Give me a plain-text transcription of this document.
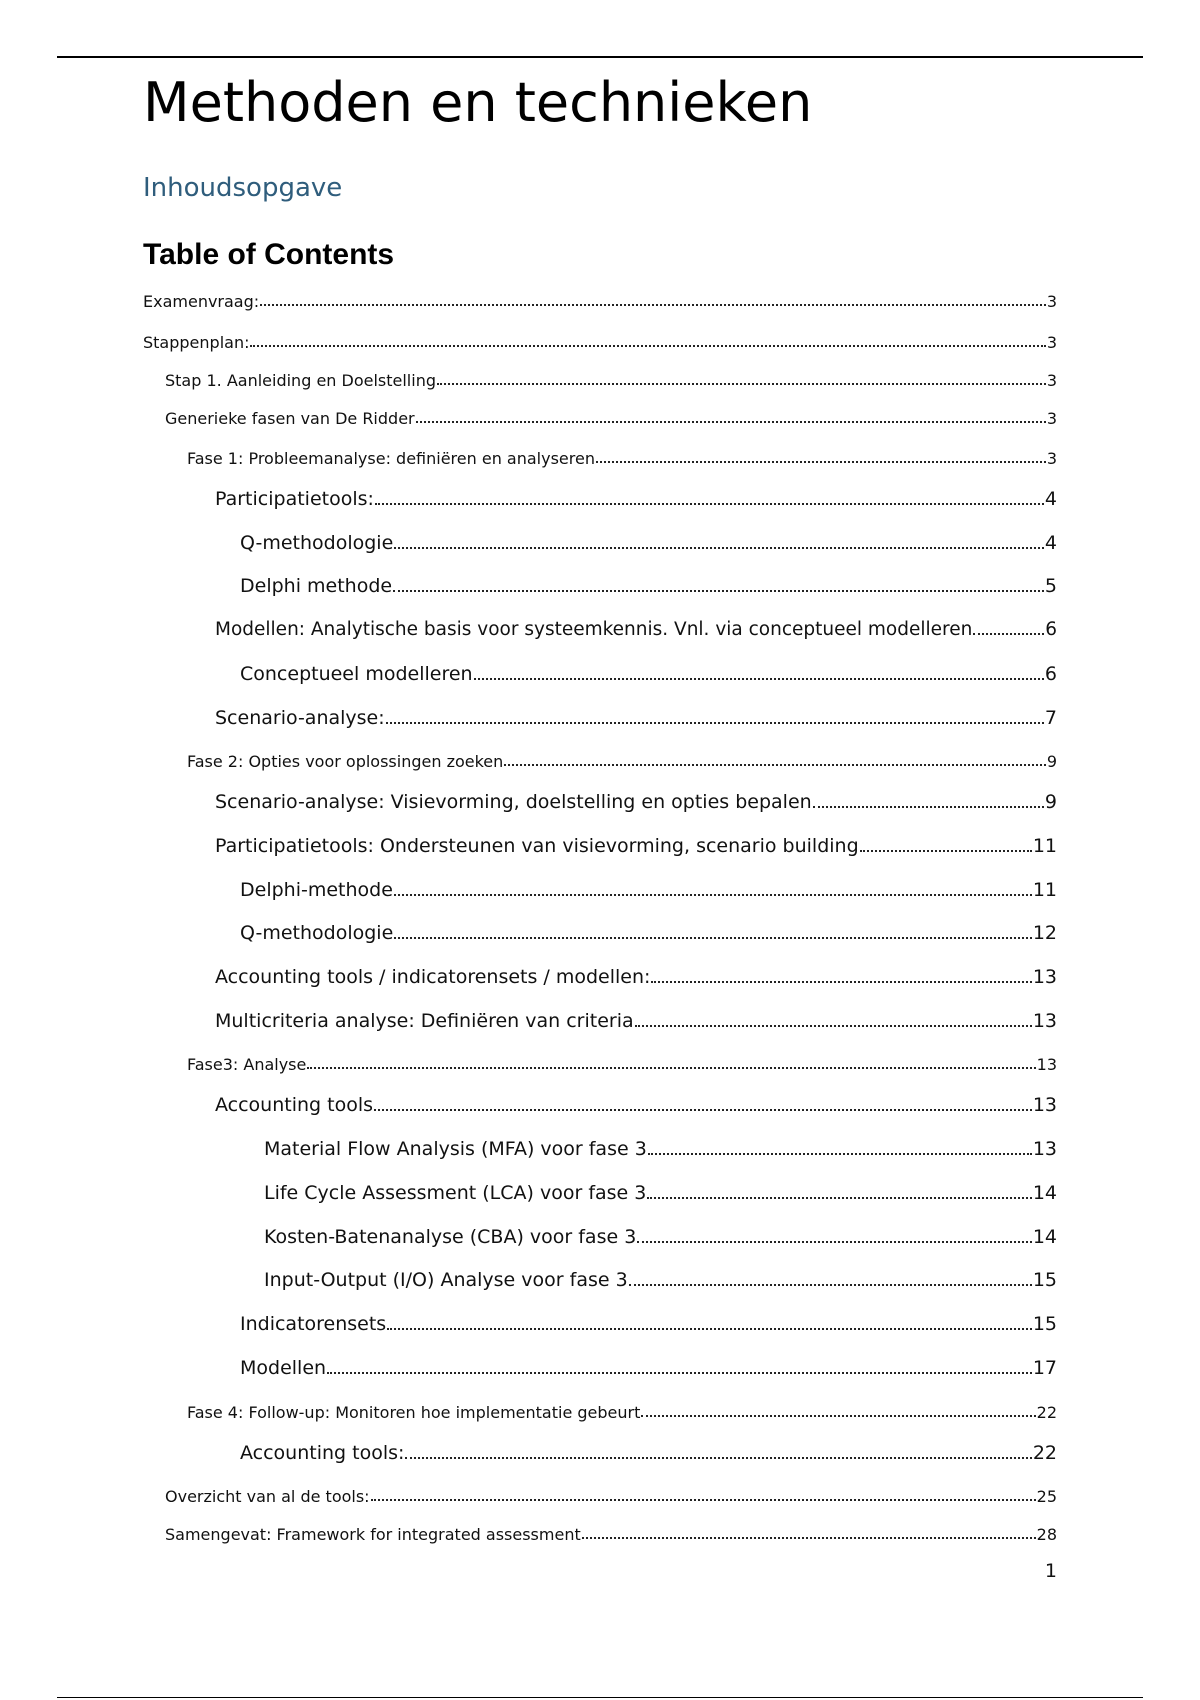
Methoden en technieken
Inhoudsopgave
Table of Contents
Examenvraag:	3
Stappenplan:	3
Stap 1. Aanleiding en Doelstelling	3
Generieke fasen van De Ridder	3
Fase 1: Probleemanalyse: definiëren en analyseren	3
Participatietools:	4
Q-methodologie	4
Delphi methode	5
Modellen: Analytische basis voor systeemkennis. Vnl. via conceptueel modelleren	6
Conceptueel modelleren	6
Scenario-analyse:	7
Fase 2: Opties voor oplossingen zoeken	9
Scenario-analyse: Visievorming, doelstelling en opties bepalen	9
Participatietools: Ondersteunen van visievorming, scenario building	11
Delphi-methode	11
Q-methodologie	12
Accounting tools / indicatorensets / modellen:	13
Multicriteria analyse: Definiëren van criteria	13
Fase3: Analyse	13
Accounting tools	13
Material Flow Analysis (MFA) voor fase 3	13
Life Cycle Assessment (LCA) voor fase 3	14
Kosten-Batenanalyse (CBA) voor fase 3	14
Input-Output (I/O) Analyse voor fase 3	15
Indicatorensets	15
Modellen	17
Fase 4: Follow-up: Monitoren hoe implementatie gebeurt	22
Accounting tools:	22
Overzicht van al de tools:	25
Samengevat: Framework for integrated assessment	28
1
